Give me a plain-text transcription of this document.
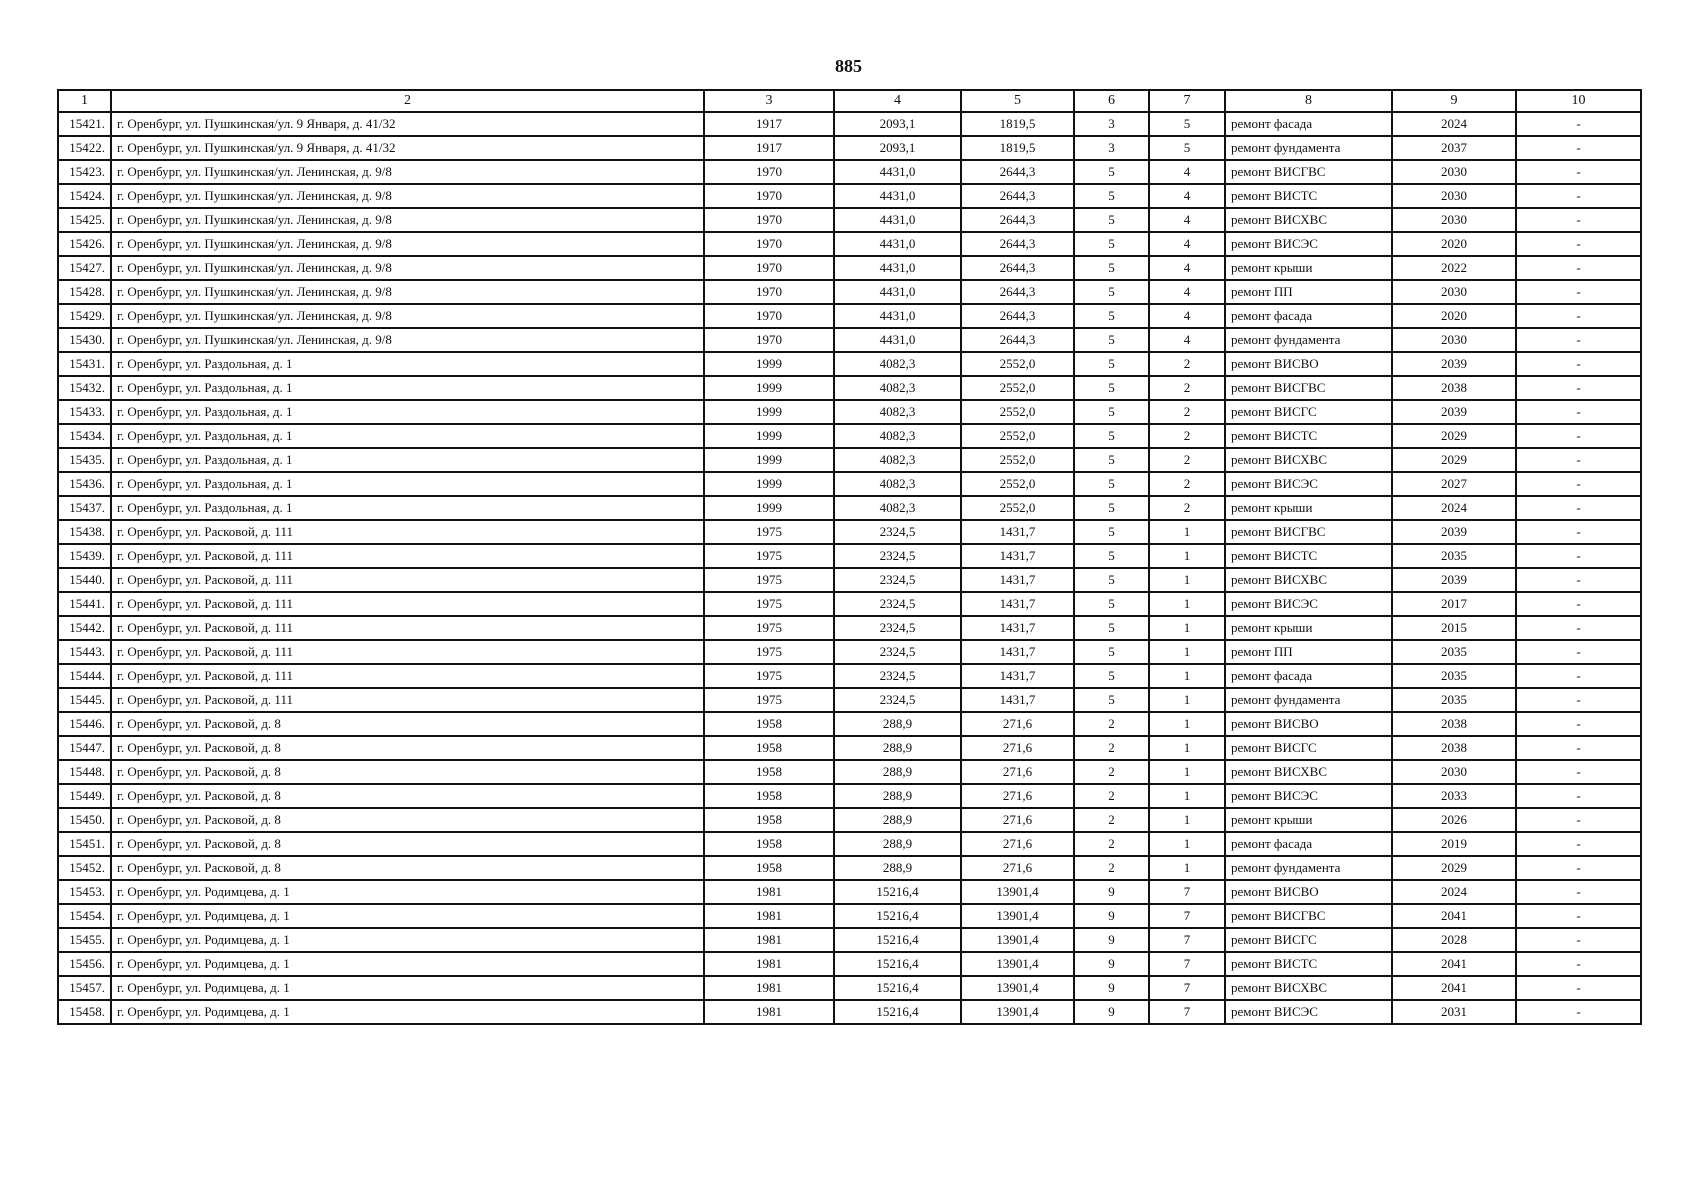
885
1	2	3	4	5	6	7	8	9	10
15421.	г. Оренбург, ул. Пушкинская/ул. 9 Января, д. 41/32	1917	2093,1	1819,5	3	5	ремонт фасада	2024	-
15422.	г. Оренбург, ул. Пушкинская/ул. 9 Января, д. 41/32	1917	2093,1	1819,5	3	5	ремонт фундамента	2037	-
15423.	г. Оренбург, ул. Пушкинская/ул. Ленинская, д. 9/8	1970	4431,0	2644,3	5	4	ремонт ВИСГВС	2030	-
15424.	г. Оренбург, ул. Пушкинская/ул. Ленинская, д. 9/8	1970	4431,0	2644,3	5	4	ремонт ВИСТС	2030	-
15425.	г. Оренбург, ул. Пушкинская/ул. Ленинская, д. 9/8	1970	4431,0	2644,3	5	4	ремонт ВИСХВС	2030	-
15426.	г. Оренбург, ул. Пушкинская/ул. Ленинская, д. 9/8	1970	4431,0	2644,3	5	4	ремонт ВИСЭС	2020	-
15427.	г. Оренбург, ул. Пушкинская/ул. Ленинская, д. 9/8	1970	4431,0	2644,3	5	4	ремонт крыши	2022	-
15428.	г. Оренбург, ул. Пушкинская/ул. Ленинская, д. 9/8	1970	4431,0	2644,3	5	4	ремонт ПП	2030	-
15429.	г. Оренбург, ул. Пушкинская/ул. Ленинская, д. 9/8	1970	4431,0	2644,3	5	4	ремонт фасада	2020	-
15430.	г. Оренбург, ул. Пушкинская/ул. Ленинская, д. 9/8	1970	4431,0	2644,3	5	4	ремонт фундамента	2030	-
15431.	г. Оренбург, ул. Раздольная, д. 1	1999	4082,3	2552,0	5	2	ремонт ВИСВО	2039	-
15432.	г. Оренбург, ул. Раздольная, д. 1	1999	4082,3	2552,0	5	2	ремонт ВИСГВС	2038	-
15433.	г. Оренбург, ул. Раздольная, д. 1	1999	4082,3	2552,0	5	2	ремонт ВИСГС	2039	-
15434.	г. Оренбург, ул. Раздольная, д. 1	1999	4082,3	2552,0	5	2	ремонт ВИСТС	2029	-
15435.	г. Оренбург, ул. Раздольная, д. 1	1999	4082,3	2552,0	5	2	ремонт ВИСХВС	2029	-
15436.	г. Оренбург, ул. Раздольная, д. 1	1999	4082,3	2552,0	5	2	ремонт ВИСЭС	2027	-
15437.	г. Оренбург, ул. Раздольная, д. 1	1999	4082,3	2552,0	5	2	ремонт крыши	2024	-
15438.	г. Оренбург, ул. Расковой, д. 111	1975	2324,5	1431,7	5	1	ремонт ВИСГВС	2039	-
15439.	г. Оренбург, ул. Расковой, д. 111	1975	2324,5	1431,7	5	1	ремонт ВИСТС	2035	-
15440.	г. Оренбург, ул. Расковой, д. 111	1975	2324,5	1431,7	5	1	ремонт ВИСХВС	2039	-
15441.	г. Оренбург, ул. Расковой, д. 111	1975	2324,5	1431,7	5	1	ремонт ВИСЭС	2017	-
15442.	г. Оренбург, ул. Расковой, д. 111	1975	2324,5	1431,7	5	1	ремонт крыши	2015	-
15443.	г. Оренбург, ул. Расковой, д. 111	1975	2324,5	1431,7	5	1	ремонт ПП	2035	-
15444.	г. Оренбург, ул. Расковой, д. 111	1975	2324,5	1431,7	5	1	ремонт фасада	2035	-
15445.	г. Оренбург, ул. Расковой, д. 111	1975	2324,5	1431,7	5	1	ремонт фундамента	2035	-
15446.	г. Оренбург, ул. Расковой, д. 8	1958	288,9	271,6	2	1	ремонт ВИСВО	2038	-
15447.	г. Оренбург, ул. Расковой, д. 8	1958	288,9	271,6	2	1	ремонт ВИСГС	2038	-
15448.	г. Оренбург, ул. Расковой, д. 8	1958	288,9	271,6	2	1	ремонт ВИСХВС	2030	-
15449.	г. Оренбург, ул. Расковой, д. 8	1958	288,9	271,6	2	1	ремонт ВИСЭС	2033	-
15450.	г. Оренбург, ул. Расковой, д. 8	1958	288,9	271,6	2	1	ремонт крыши	2026	-
15451.	г. Оренбург, ул. Расковой, д. 8	1958	288,9	271,6	2	1	ремонт фасада	2019	-
15452.	г. Оренбург, ул. Расковой, д. 8	1958	288,9	271,6	2	1	ремонт фундамента	2029	-
15453.	г. Оренбург, ул. Родимцева, д. 1	1981	15216,4	13901,4	9	7	ремонт ВИСВО	2024	-
15454.	г. Оренбург, ул. Родимцева, д. 1	1981	15216,4	13901,4	9	7	ремонт ВИСГВС	2041	-
15455.	г. Оренбург, ул. Родимцева, д. 1	1981	15216,4	13901,4	9	7	ремонт ВИСГС	2028	-
15456.	г. Оренбург, ул. Родимцева, д. 1	1981	15216,4	13901,4	9	7	ремонт ВИСТС	2041	-
15457.	г. Оренбург, ул. Родимцева, д. 1	1981	15216,4	13901,4	9	7	ремонт ВИСХВС	2041	-
15458.	г. Оренбург, ул. Родимцева, д. 1	1981	15216,4	13901,4	9	7	ремонт ВИСЭС	2031	-
